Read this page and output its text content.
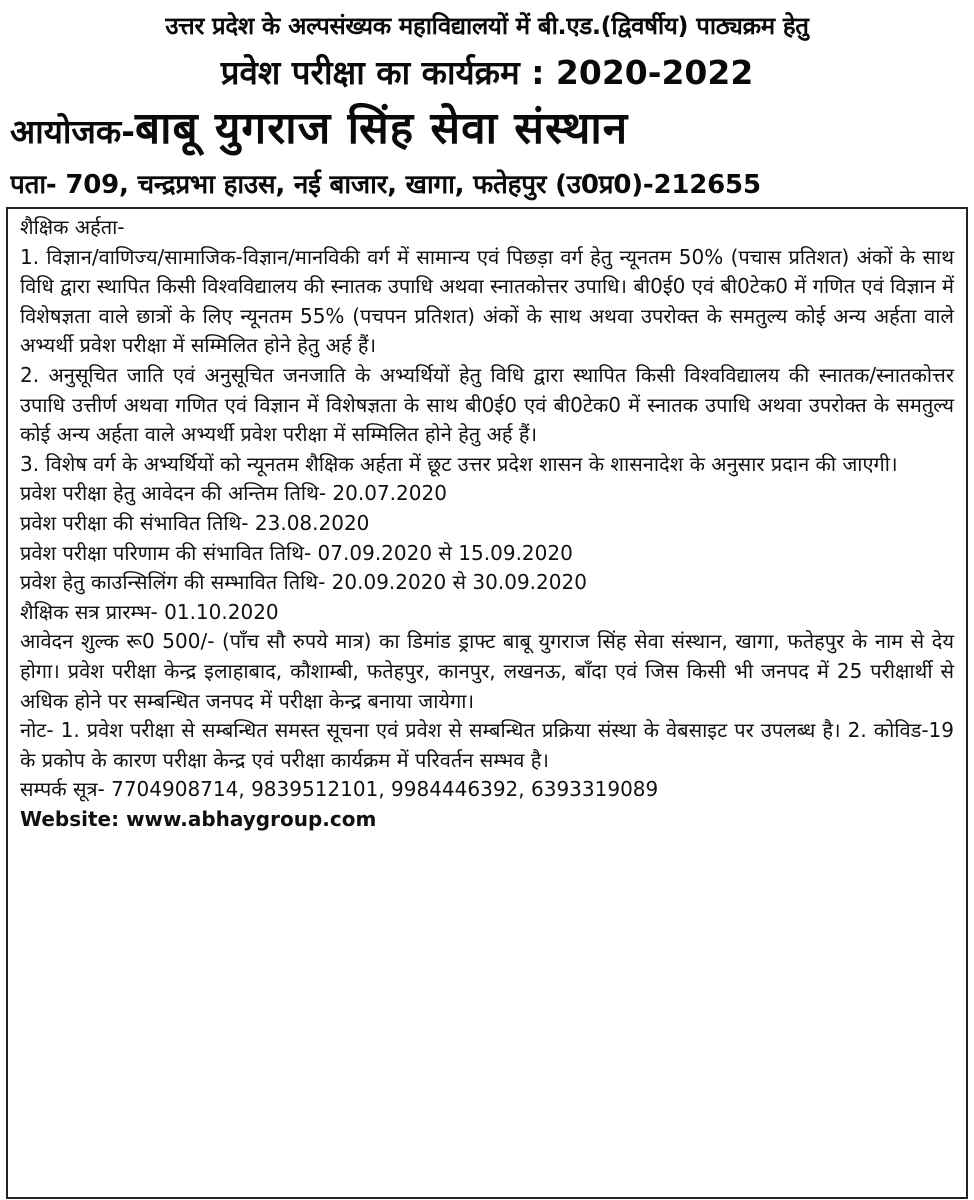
उत्तर प्रदेश के अल्पसंख्यक महाविद्यालयों में बी.एड.(द्विवर्षीय) पाठ्यक्रम हेतु
प्रवेश परीक्षा का कार्यक्रम : 2020-2022
आयोजक-बाबू युगराज सिंह सेवा संस्थान
पता- 709, चन्द्रप्रभा हाउस, नई बाजार, खागा, फतेहपुर (उ0प्र0)-212655

शैक्षिक अर्हता-

1. विज्ञान/वाणिज्य/सामाजिक-विज्ञान/मानविकी वर्ग में सामान्य एवं पिछड़ा वर्ग हेतु न्यूनतम 50% (पचास प्रतिशत) अंकों के साथ विधि द्वारा स्थापित किसी विश्वविद्यालय की स्नातक उपाधि अथवा स्नातकोत्तर उपाधि। बी0ई0 एवं बी0टेक0 में गणित एवं विज्ञान में विशेषज्ञता वाले छात्रों के लिए न्यूनतम 55% (पचपन प्रतिशत) अंकों के साथ अथवा उपरोक्त के समतुल्य कोई अन्य अर्हता वाले अभ्यर्थी प्रवेश परीक्षा में सम्मिलित होने हेतु अर्ह हैं।

2. अनुसूचित जाति एवं अनुसूचित जनजाति के अभ्यर्थियों हेतु विधि द्वारा स्थापित किसी विश्वविद्यालय की स्नातक/स्नातकोत्तर उपाधि उत्तीर्ण अथवा गणित एवं विज्ञान में विशेषज्ञता के साथ बी0ई0 एवं बी0टेक0 में स्नातक उपाधि अथवा उपरोक्त के समतुल्य कोई अन्य अर्हता वाले अभ्यर्थी प्रवेश परीक्षा में सम्मिलित होने हेतु अर्ह हैं।

3. विशेष वर्ग के अभ्यर्थियों को न्यूनतम शैक्षिक अर्हता में छूट उत्तर प्रदेश शासन के शासनादेश के अनुसार प्रदान की जाएगी।

प्रवेश परीक्षा हेतु आवेदन की अन्तिम तिथि- 20.07.2020

प्रवेश परीक्षा की संभावित तिथि- 23.08.2020

प्रवेश परीक्षा परिणाम की संभावित तिथि- 07.09.2020 से 15.09.2020

प्रवेश हेतु काउन्सिलिंग की सम्भावित तिथि- 20.09.2020 से 30.09.2020

शैक्षिक सत्र प्रारम्भ- 01.10.2020

आवेदन शुल्क रू0 500/- (पाँच सौ रुपये मात्र) का डिमांड ड्राफ्ट बाबू युगराज सिंह सेवा संस्थान, खागा, फतेहपुर के नाम से देय होगा। प्रवेश परीक्षा केन्द्र इलाहाबाद, कौशाम्बी, फतेहपुर, कानपुर, लखनऊ, बाँदा एवं जिस किसी भी जनपद में 25 परीक्षार्थी से अधिक होने पर सम्बन्धित जनपद में परीक्षा केन्द्र बनाया जायेगा।

नोट- 1. प्रवेश परीक्षा से सम्बन्धित समस्त सूचना एवं प्रवेश से सम्बन्धित प्रक्रिया संस्था के वेबसाइट पर उपलब्ध है। 2. कोविड-19 के प्रकोप के कारण परीक्षा केन्द्र एवं परीक्षा कार्यक्रम में परिवर्तन सम्भव है।

सम्पर्क सूत्र- 7704908714, 9839512101, 9984446392, 6393319089

Website: www.abhaygroup.com
